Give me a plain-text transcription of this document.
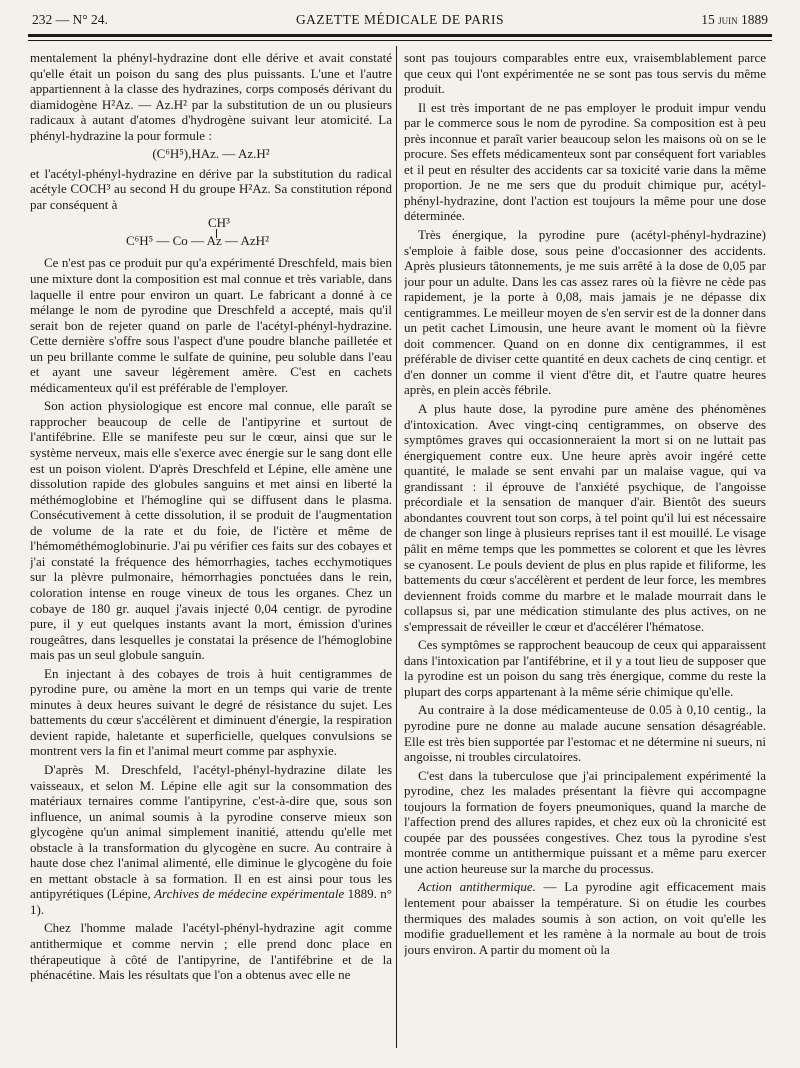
232 — N° 24.	GAZETTE MÉDICALE DE PARIS	15 juin 1889

mentalement la phényl-hydrazine dont elle dérive et avait constaté qu'elle était un poison du sang des plus puissants. L'une et l'autre appartiennent à la classe des hydrazines, corps composés dérivant du diamidogène H²Az. — Az.H² par la substitution de un ou plusieurs radicaux à autant d'atomes d'hydrogène suivant leur atomicité. La phényl-hydrazine la pour formule :

(C⁶H⁵),HAz. — Az.H²

et l'acétyl-phényl-hydrazine en dérive par la substitution du radical acétyle COCH³ au second H du groupe H²Az. Sa constitution répond par conséquent à

CH³
C⁶H⁵ — Co — Az — AzH²

Ce n'est pas ce produit pur qu'a expérimenté Dreschfeld, mais bien une mixture dont la composition est mal connue et très variable, dans laquelle il entre pour environ un quart. Le fabricant a donné à ce mélange le nom de pyrodine que Dreschfeld a accepté, mais qu'il serait bon de rejeter quand on parle de l'acétyl-phényl-hydrazine. Cette dernière s'offre sous l'aspect d'une poudre blanche pailletée et un peu brillante comme le sulfate de quinine, peu soluble dans l'eau et ayant une saveur légèrement amère. C'est en cachets médicamenteux qu'il est préférable de l'employer.

Son action physiologique est encore mal connue, elle paraît se rapprocher beaucoup de celle de l'antipyrine et surtout de l'antifébrine. Elle se manifeste peu sur le cœur, ainsi que sur le système nerveux, mais elle s'exerce avec énergie sur le sang dont elle est un poison violent. D'après Dreschfeld et Lépine, elle amène une dissolution rapide des globules sanguins et met ainsi en liberté la méthémoglobine et l'hémogline qui se diffusent dans le plasma. Consécutivement à cette dissolution, il se produit de l'augmentation de volume de la rate et du foie, de l'ictère et même de l'hémométhémoglobinurie. J'ai pu vérifier ces faits sur des cobayes et j'ai constaté la fréquence des hémorrhagies, taches ecchymotiques sur la plèvre pulmonaire, hémorrhagies ponctuées dans le rein, coloration intense en rouge vineux de tous les organes. Chez un cobaye de 180 gr. auquel j'avais injecté 0,04 centigr. de pyrodine pure, il y eut quelques instants avant la mort, émission d'urines rougeâtres, dans lesquelles je constatai la présence de l'hémoglobine mais pas un seul globule sanguin.

En injectant à des cobayes de trois à huit centigrammes de pyrodine pure, ou amène la mort en un temps qui varie de trente minutes à deux heures suivant le degré de résistance du sujet. Les battements du cœur s'accélèrent et diminuent d'énergie, la respiration devient rapide, haletante et superficielle, quelques convulsions se montrent vers la fin et l'animal meurt comme par asphyxie.

D'après M. Dreschfeld, l'acétyl-phényl-hydrazine dilate les vaisseaux, et selon M. Lépine elle agit sur la consommation des matériaux ternaires comme l'antipyrine, c'est-à-dire que, sous son influence, un animal soumis à la pyrodine conserve mieux son glycogène qu'un animal simplement inanitié, attendu qu'elle met obstacle à la transformation du glycogène en sucre. Au contraire à haute dose chez l'animal alimenté, elle diminue le glycogène du foie en mettant obstacle à sa formation. Il en est ainsi pour tous les antipyrétiques (Lépine, Archives de médecine expérimentale 1889. n° 1).

Chez l'homme malade l'acétyl-phényl-hydrazine agit comme antithermique et comme nervin ; elle prend donc place en thérapeutique à côté de l'antipyrine, de l'antifébrine et de la phénacétine. Mais les résultats que l'on a obtenus avec elle ne

sont pas toujours comparables entre eux, vraisemblablement parce que ceux qui l'ont expérimentée ne se sont pas tous servis du même produit.

Il est très important de ne pas employer le produit impur vendu par le commerce sous le nom de pyrodine. Sa composition est à peu près inconnue et paraît varier beaucoup selon les maisons où on se le procure. Ses effets médicamenteux sont par conséquent fort variables et il peut en résulter des accidents car sa toxicité varie dans la même proportion. Je ne me sers que du produit chimique pur, acétyl-phényl-hydrazine, dont l'action est toujours la même pour une dose déterminée.

Très énergique, la pyrodine pure (acétyl-phényl-hydrazine) s'emploie à faible dose, sous peine d'occasionner des accidents. Après plusieurs tâtonnements, je me suis arrêté à la dose de 0,05 par jour pour un adulte. Dans les cas assez rares où la fièvre ne cède pas rapidement, je la porte à 0,08, mais jamais je ne dépasse dix centigrammes. Le meilleur moyen de s'en servir est de la donner dans un petit cachet Limousin, une heure avant le moment où la fièvre doit commencer. Quand on en donne dix centigrammes, il est préférable de diviser cette quantité en deux cachets de cinq centigr. et d'en donner un comme il vient d'être dit, et l'autre quatre heures après, en plein accès fébrile.

A plus haute dose, la pyrodine pure amène des phénomènes d'intoxication. Avec vingt-cinq centigrammes, on observe des symptômes graves qui occasionneraient la mort si on ne luttait pas énergiquement contre eux. Une heure après avoir ingéré cette quantité, le malade se sent envahi par un malaise vague, qui va grandissant : il éprouve de l'anxiété psychique, de l'angoisse précordiale et la sensation de manquer d'air. Bientôt des sueurs abondantes couvrent tout son corps, à tel point qu'il lui est nécessaire de changer son linge à plusieurs reprises tant il est mouillé. Le visage pâlit en même temps que les pommettes se colorent et que les lèvres se cyanosent. Le pouls devient de plus en plus rapide et filiforme, les battements du cœur s'accélèrent et perdent de leur force, les membres deviennent froids comme du marbre et le malade mourrait dans le collapsus si, par une médication stimulante des plus actives, on ne s'empressait de réveiller le cœur et d'accélérer l'hématose.

Ces symptômes se rapprochent beaucoup de ceux qui apparaissent dans l'intoxication par l'antifébrine, et il y a tout lieu de supposer que la pyrodine est un poison du sang très énergique, comme du reste la plupart des corps appartenant à la même série chimique qu'elle.

Au contraire à la dose médicamenteuse de 0.05 à 0,10 centig., la pyrodine pure ne donne au malade aucune sensation désagréable. Elle est très bien supportée par l'estomac et ne détermine ni sueurs, ni angoisse, ni troubles circulatoires.

C'est dans la tuberculose que j'ai principalement expérimenté la pyrodine, chez les malades présentant la fièvre qui accompagne toujours la formation de foyers pneumoniques, quand la marche de l'affection prend des allures rapides, et chez eux où la chronicité est coupée par des poussées congestives. Chez tous la pyrodine s'est montrée comme un antithermique puissant et a même paru exercer une action heureuse sur la marche du processus.

Action antithermique. — La pyrodine agit efficacement mais lentement pour abaisser la température. Si on étudie les courbes thermiques des malades soumis à son action, on voit qu'elle les modifie graduellement et les ramène à la normale au bout de trois jours environ. A partir du moment où la
